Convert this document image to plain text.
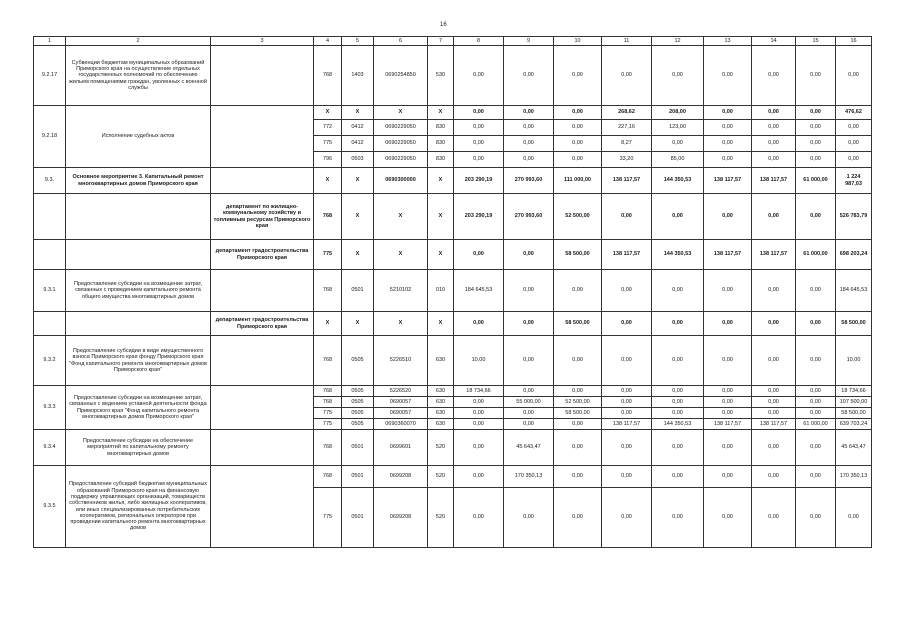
16
1	2	3	4	5	6	7	8	9	10	11	12	13	14	15	16
9.2.17	Субвенции бюджетам муниципальных образований Приморского края на осуществление отдельных государственных полномочий по обеспечению жильем помещениями граждан, уволенных с военной службы		768	1403	0690254850	530	0,00	0,00	0,00	0,00	0,00	0,00	0,00	0,00	0,00
9.2.18	Исполнение судебных актов		X	X	X	X	0,00	0,00	0,00	268,62	208,00	0,00	0,00	0,00	476,62
			772	0412	0690229050	830	0,00	0,00	0,00	227,16	123,00	0,00	0,00	0,00	0,00
			775	0412	0690229050	830	0,00	0,00	0,00	8,27	0,00	0,00	0,00	0,00	0,00
			796	0503	0690229050	830	0,00	0,00	0,00	33,20	85,00	0,00	0,00	0,00	0,00
9.3.	Основное мероприятие 3. Капитальный ремонт многоквартирных домов Приморского края		X	X	0690300000	X	203 290,19	270 993,60	111 000,00	138 117,57	144 350,53	138 117,57	138 117,57	61 000,00	1 224 987,03
		департамент по жилищно-коммунальному хозяйству и топливным ресурсам Приморского края	768	X	X	X	203 290,19	270 993,60	52 500,00	0,00	0,00	0,00	0,00	0,00	526 783,79
		департамент градостроительства Приморского края	775	X	X	X	0,00	0,00	58 500,00	138 117,57	144 350,53	138 117,57	138 117,57	61 000,00	698 203,24
9.3.1	Предоставление субсидии на возмещение затрат, связанных с проведением капитального ремонта общего имущества многоквартирных домов		768	0501	5210102	010	184 645,53	0,00	0,00	0,00	0,00	0,00	0,00	0,00	184 645,53
		департамент градостроительства Приморского края	X	X	X	X	0,00	0,00	58 500,00	0,00	0,00	0,00	0,00	0,00	58 500,00
9.3.2	Предоставление субсидии в виде имущественного взноса Приморского края фонду Приморского края "Фонд капитального ремонта многоквартирных домов Приморского края"		768	0505	5226510	630	10,00	0,00	0,00	0,00	0,00	0,00	0,00	0,00	10,00
9.3.3	Предоставление субсидии на возмещение затрат, связанных с ведением уставной деятельности фонда Приморского края "Фонд капитального ремонта многоквартирных домов Приморского края"		768	0505	5226520	630	18 734,66	0,00	0,00	0,00	0,00	0,00	0,00	0,00	18 734,66
			768	0505	0690057	630	0,00	55 000,00	52 500,00	0,00	0,00	0,00	0,00	0,00	107 500,00
			775	0505	0690057	630	0,00	0,00	58 500,00	0,00	0,00	0,00	0,00	0,00	58 500,00
			775	0505	0690360070	630	0,00	0,00	0,00	138 117,57	144 350,53	138 117,57	138 117,57	61 000,00	639 703,24
9.3.4	Предоставление субсидии на обеспечение мероприятий по капитальному ремонту многоквартирных домов		768	0501	0699601	520	0,00	45 643,47	0,00	0,00	0,00	0,00	0,00	0,00	45 643,47
9.3.5	Предоставление субсидий бюджетам муниципальных образований Приморского края на финансовую поддержку управляющих организаций, товариществ собственников жилья, либо жилищных кооперативов, или иных специализированных потребительских кооперативов, региональных операторов при проведении капитального ремонта многоквартирных домов		768	0501	0699208	520	0,00	170 350,13	0,00	0,00	0,00	0,00	0,00	0,00	170 350,13
			775	0501	0699208	520	0,00	0,00	0,00	0,00	0,00	0,00	0,00	0,00	0,00
